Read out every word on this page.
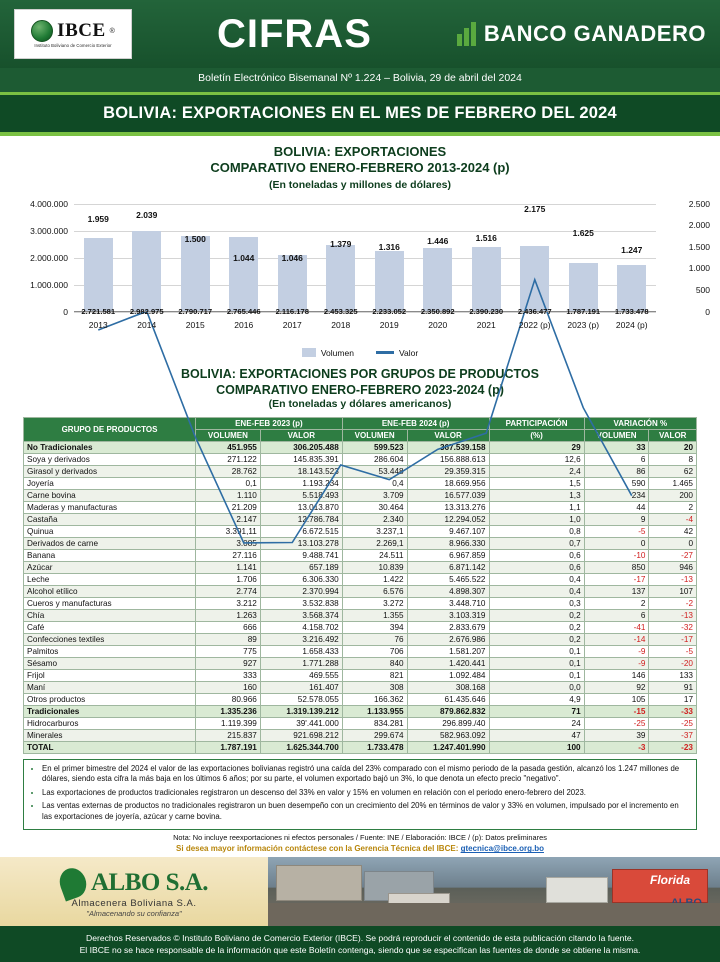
IBCE ®
Instituto Boliviano de Comercio Exterior	CIFRAS	BANCO GANADERO
Boletín Electrónico Bisemanal Nº 1.224 – Bolivia, 29 de abril del 2024
BOLIVIA: EXPORTACIONES EN EL MES DE FEBRERO DEL 2024
BOLIVIA: EXPORTACIONES
COMPARATIVO ENERO-FEBRERO 2013-2024 (p)
(En toneladas y millones de dólares)
4.000.000
3.000.000
2.000.000
1.000.000
0
2.500
2.000
1.500
1.000
500
0
1.959	2.039
1.500
1.044	1.046
1.379	1.316
1.446	1.516
2.175
1.625
1.247
2.721.581	2.982.975	2.790.717	2.765.446	2.116.178	2.453.325	2.233.052	2.350.892	2.390.230	2.436.477	1.787.191	1.733.478
2013	2014	2015	2016	2017	2018	2019	2020	2021	2022 (p)	2023 (p)	2024 (p)
Volumen	Valor
BOLIVIA: EXPORTACIONES POR GRUPOS DE PRODUCTOS
COMPARATIVO ENERO-FEBRERO 2023-2024 (p)
(En toneladas y dólares americanos)
GRUPO DE PRODUCTOS	ENE-FEB 2023 (p)		ENE-FEB 2024 (p)		PARTICIPACIÓN	VARIACIÓN %	
	VOLUMEN	VALOR	VOLUMEN	VALOR	(%)	VOLUMEN	VALOR
No Tradicionales	451.955	306.205.488	599.523	367.539.158	29	33	20
Soya y derivados	271.122	145.835.391	286.604	156.888.613	12,6	6	8
Girasol y derivados	28.762	18.143.523	53.448	29.359.315	2,4	86	62
Joyería	0,1	1.193.234	0,4	18.669.956	1,5	590	1.465
Carne bovina	1.110	5.518.493	3.709	16.577.039	1,3	234	200
Maderas y manufacturas	21.209	13.013.870	30.464	13.313.276	1,1	44	2
Castaña	2.147	12.786.784	2.340	12.294.052	1,0	9	-4
Quinua	3.391,11	6.672.515	3.237,1	9.467.107	0,8	-5	42
Derivados de carne	3.085	13.103.278	2.269,1	8.966.330	0,7	0	0
Banana	27.116	9.488.741	24.511	6.967.859	0,6	-10	-27
Azúcar	1.141	657.189	10.839	6.871.142	0,6	850	946
Leche	1.706	6.306.330	1.422	5.465.522	0,4	-17	-13
Alcohol etílico	2.774	2.370.994	6.576	4.898.307	0,4	137	107
Cueros y manufacturas	3.212	3.532.838	3.272	3.448.710	0,3	2	-2
Chía	1.263	3.568.374	1.355	3.103.319	0,2	6	-13
Café	666	4.158.702	394	2.833.679	0,2	-41	-32
Confecciones textiles	89	3.216.492	76	2.676.986	0,2	-14	-17
Palmitos	775	1.658.433	706	1.581.207	0,1	-9	-5
Sésamo	927	1.771.288	840	1.420.441	0,1	-9	-20
Frijol	333	469.555	821	1.092.484	0,1	146	133
Maní	160	161.407	308	308.168	0,0	92	91
Otros productos	80.966	52.578.055	166.362	61.435.646	4,9	105	17
Tradicionales	1.335.236	1.319.139.212	1.133.955	879.862.832	71	-15	-33
Hidrocarburos	1.119.399	39'.441.000	834.281	296.899./40	24	-25	-25
Minerales	215.837	921.698.212	299.674	582.963.092	47	39	-37
TOTAL	1.787.191	1.625.344.700	1.733.478	1.247.401.990	100	-3	-23
• En el primer bimestre del 2024 el valor de las exportaciones bolivianas registró una caída del 23% comparado con el mismo periodo de la pasada gestión, alcanzó los 1.247 millones de dólares, siendo esta cifra la más baja en los últimos 6 años; por su parte, el volumen exportado bajó un 3%, lo que denota un efecto precio "negativo".
• Las exportaciones de productos tradicionales registraron un descenso del 33% en valor y 15% en volumen en relación con el periodo enero-febrero del 2023.
• Las ventas externas de productos no tradicionales registraron un buen desempeño con un crecimiento del 20% en términos de valor y 33% en volumen, impulsado por el incremento en las exportaciones de joyería, azúcar y carne bovina.
Nota: No incluye reexportaciones ni efectos personales / Fuente: INE / Elaboración: IBCE / (p): Datos preliminares
Si desea mayor información contáctese con la Gerencia Técnica del IBCE: gtecnica@ibce.org.bo
ALBO S.A.
Almacenera Boliviana S.A.
"Almacenando su confianza"
Florida
Derechos Reservados © Instituto Boliviano de Comercio Exterior (IBCE). Se podrá reproducir el contenido de esta publicación citando la fuente.
El IBCE no se hace responsable de la información que este Boletín contenga, siendo que se especifican las fuentes de donde se obtiene la misma.
